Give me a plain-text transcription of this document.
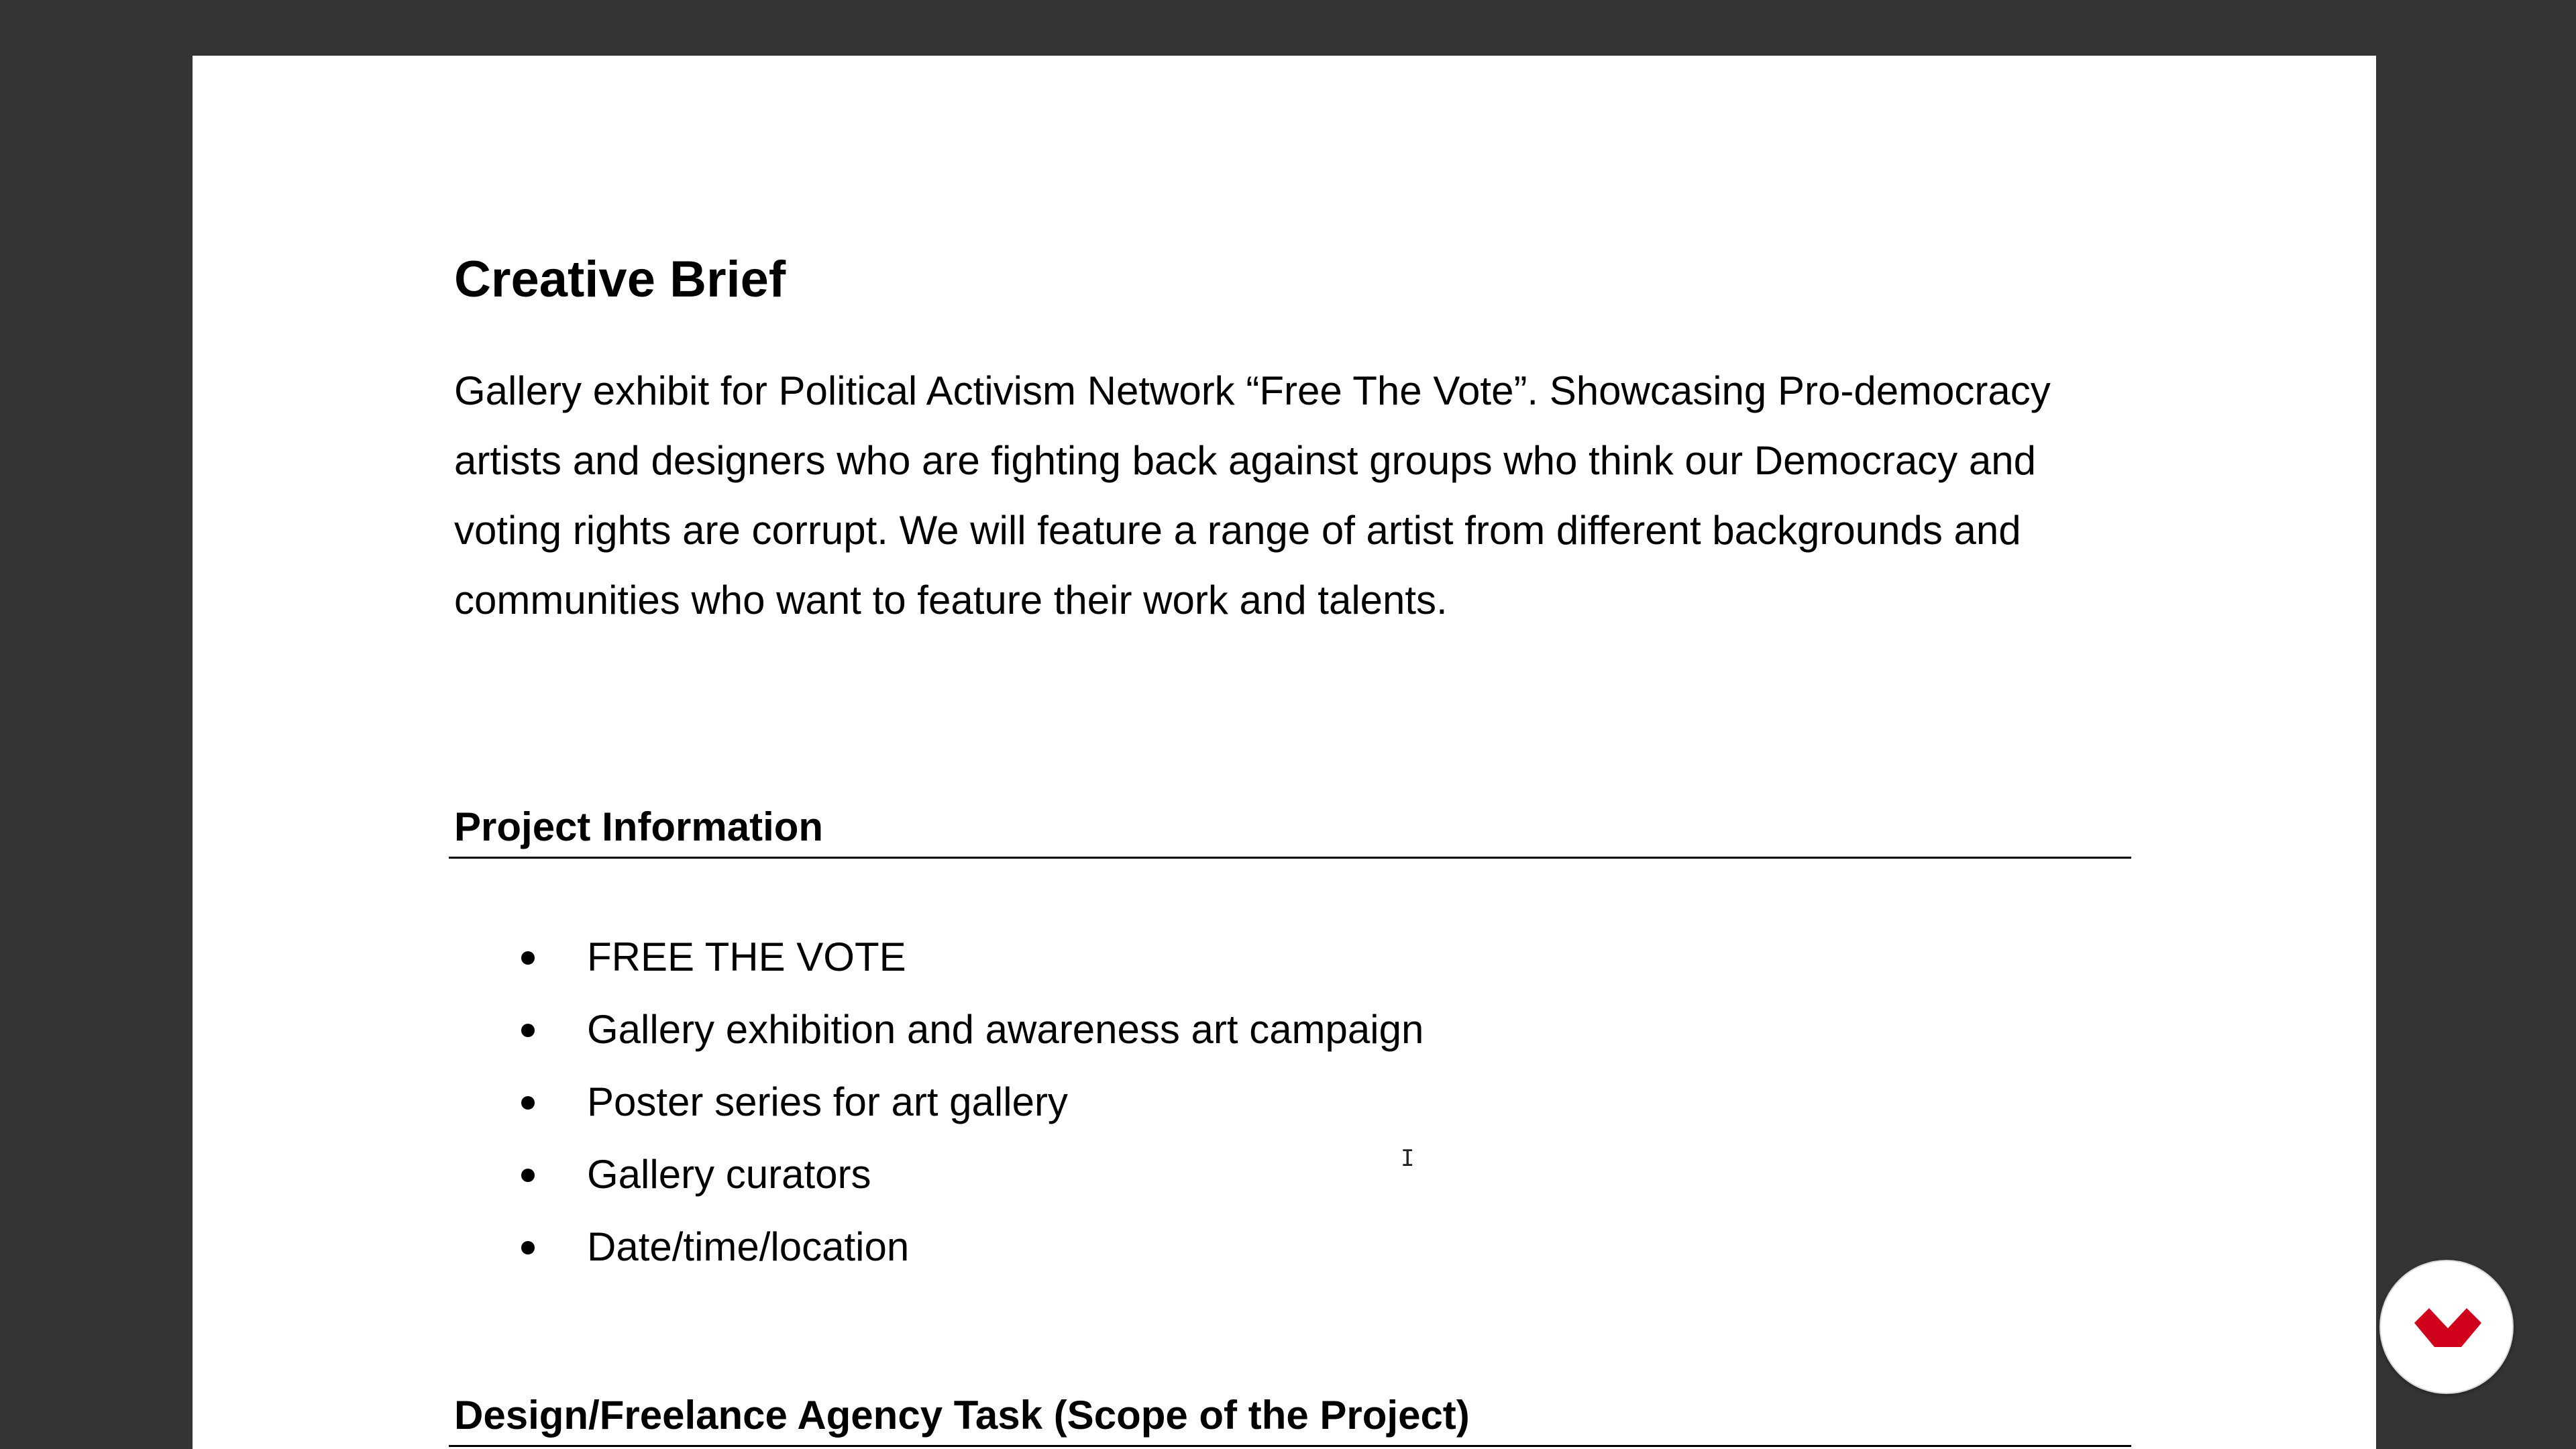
Creative Brief

Gallery exhibit for Political Activism Network “Free The Vote”. Showcasing Pro-democracy
artists and designers who are fighting back against groups who think our Democracy and
voting rights are corrupt. We will feature a range of artist from different backgrounds and
communities who want to feature their work and talents.

Project Information
FREE THE VOTE
Gallery exhibition and awareness art campaign
Poster series for art gallery
Gallery curators
Date/time/location
Design/Freelance Agency Task (Scope of the Project)
I
